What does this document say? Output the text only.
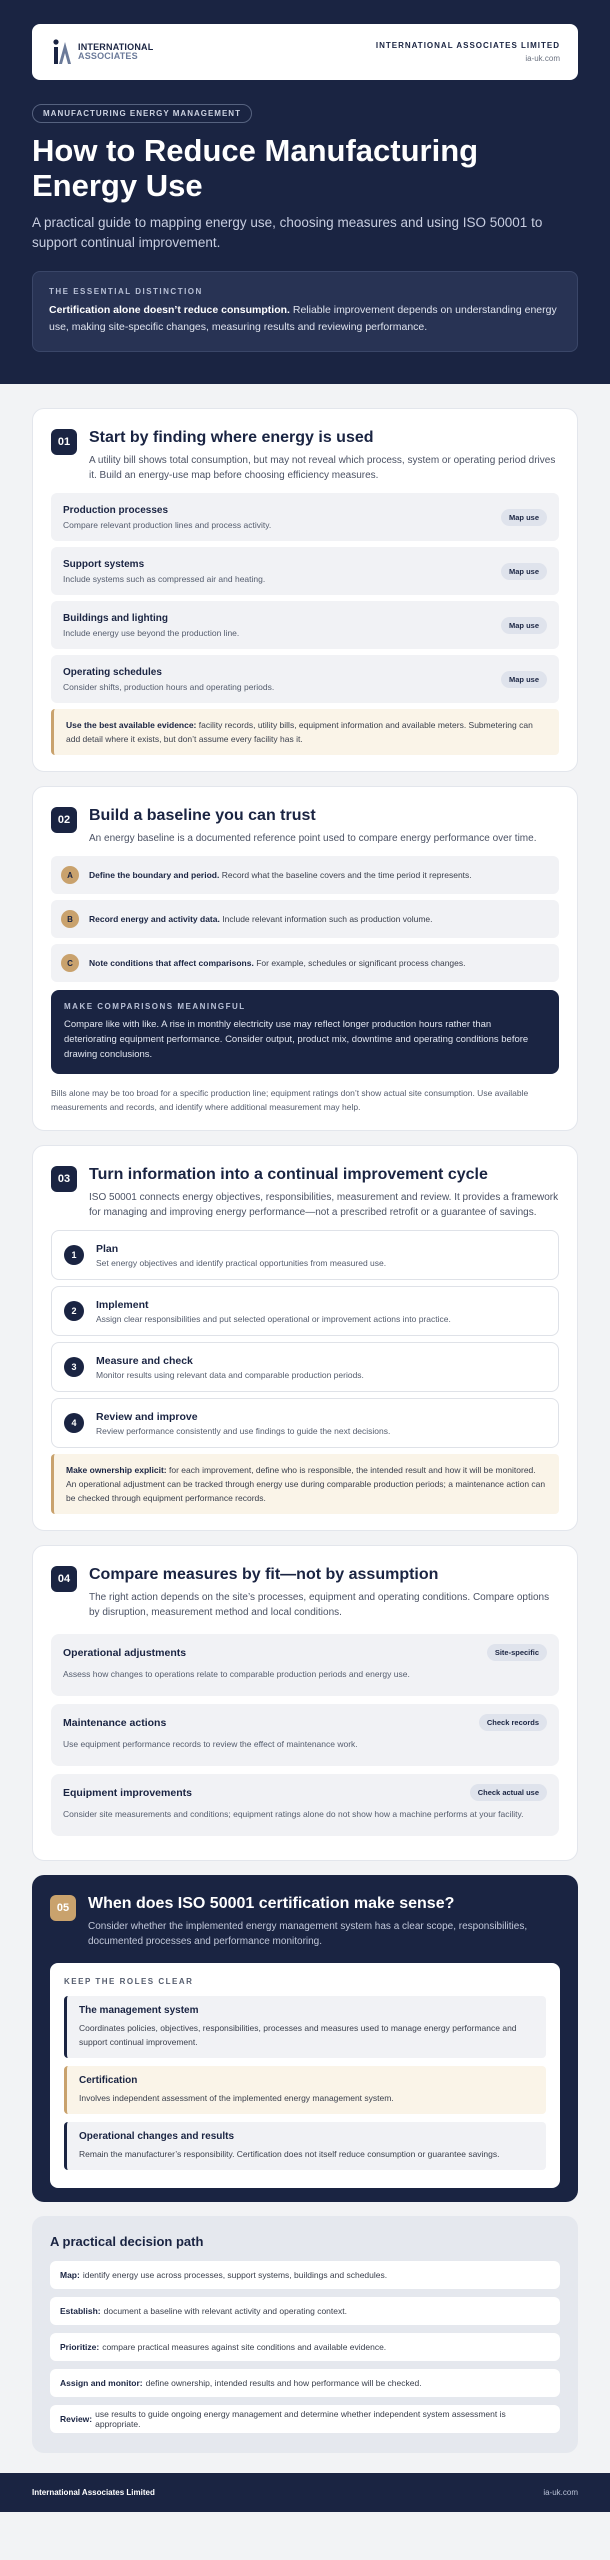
INTERNATIONAL
ASSOCIATES
INTERNATIONAL ASSOCIATES LIMITED
ia-uk.com
MANUFACTURING ENERGY MANAGEMENT
How to Reduce Manufacturing Energy Use

A practical guide to mapping energy use, choosing measures and using ISO 50001 to support continual improvement.

THE ESSENTIAL DISTINCTION

Certification alone doesn’t reduce consumption. Reliable improvement depends on understanding energy use, making site-specific changes, measuring results and reviewing performance.

01	Start by finding where energy is used

A utility bill shows total consumption, but may not reveal which process, system or operating period drives it. Build an energy-use map before choosing efficiency measures.

Production processes
Compare relevant production lines and process activity.
Map use
Support systems
Include systems such as compressed air and heating.
Map use
Buildings and lighting
Include energy use beyond the production line.
Map use
Operating schedules
Consider shifts, production hours and operating periods.
Map use

Use the best available evidence: facility records, utility bills, equipment information and available meters. Submetering can add detail where it exists, but don’t assume every facility has it.

02	Build a baseline you can trust

An energy baseline is a documented reference point used to compare energy performance over time.

A	Define the boundary and period. Record what the baseline covers and the time period it represents.
B	Record energy and activity data. Include relevant information such as production volume.
C	Note conditions that affect comparisons. For example, schedules or significant process changes.
MAKE COMPARISONS MEANINGFUL

Compare like with like. A rise in monthly electricity use may reflect longer production hours rather than deteriorating equipment performance. Consider output, product mix, downtime and operating conditions before drawing conclusions.

Bills alone may be too broad for a specific production line; equipment ratings don’t show actual site consumption. Use available measurements and records, and identify where additional measurement may help.

03	Turn information into a continual improvement cycle

ISO 50001 connects energy objectives, responsibilities, measurement and review. It provides a framework for managing and improving energy performance—not a prescribed retrofit or a guarantee of savings.

1
Plan
Set energy objectives and identify practical opportunities from measured use.
2
Implement
Assign clear responsibilities and put selected operational or improvement actions into practice.
3
Measure and check
Monitor results using relevant data and comparable production periods.
4
Review and improve
Review performance consistently and use findings to guide the next decisions.

Make ownership explicit: for each improvement, define who is responsible, the intended result and how it will be monitored. An operational adjustment can be tracked through energy use during comparable production periods; a maintenance action can be checked through equipment performance records.

04	Compare measures by fit—not by assumption

The right action depends on the site’s processes, equipment and operating conditions. Compare options by disruption, measurement method and local conditions.

Operational adjustments	Site-specific
Assess how changes to operations relate to comparable production periods and energy use.
Maintenance actions	Check records
Use equipment performance records to review the effect of maintenance work.
Equipment improvements	Check actual use
Consider site measurements and conditions; equipment ratings alone do not show how a machine performs at your facility.
05	When does ISO 50001 certification make sense?

Consider whether the implemented energy management system has a clear scope, responsibilities, documented processes and performance monitoring.

KEEP THE ROLES CLEAR
The management system
Coordinates policies, objectives, responsibilities, processes and measures used to manage energy performance and support continual improvement.
Certification
Involves independent assessment of the implemented energy management system.
Operational changes and results
Remain the manufacturer’s responsibility. Certification does not itself reduce consumption or guarantee savings.
A practical decision path
Map: identify energy use across processes, support systems, buildings and schedules.
Establish: document a baseline with relevant activity and operating context.
Prioritize: compare practical measures against site conditions and available evidence.
Assign and monitor: define ownership, intended results and how performance will be checked.
Review: use results to guide ongoing energy management and determine whether independent system assessment is appropriate.
International Associates Limited	ia-uk.com
